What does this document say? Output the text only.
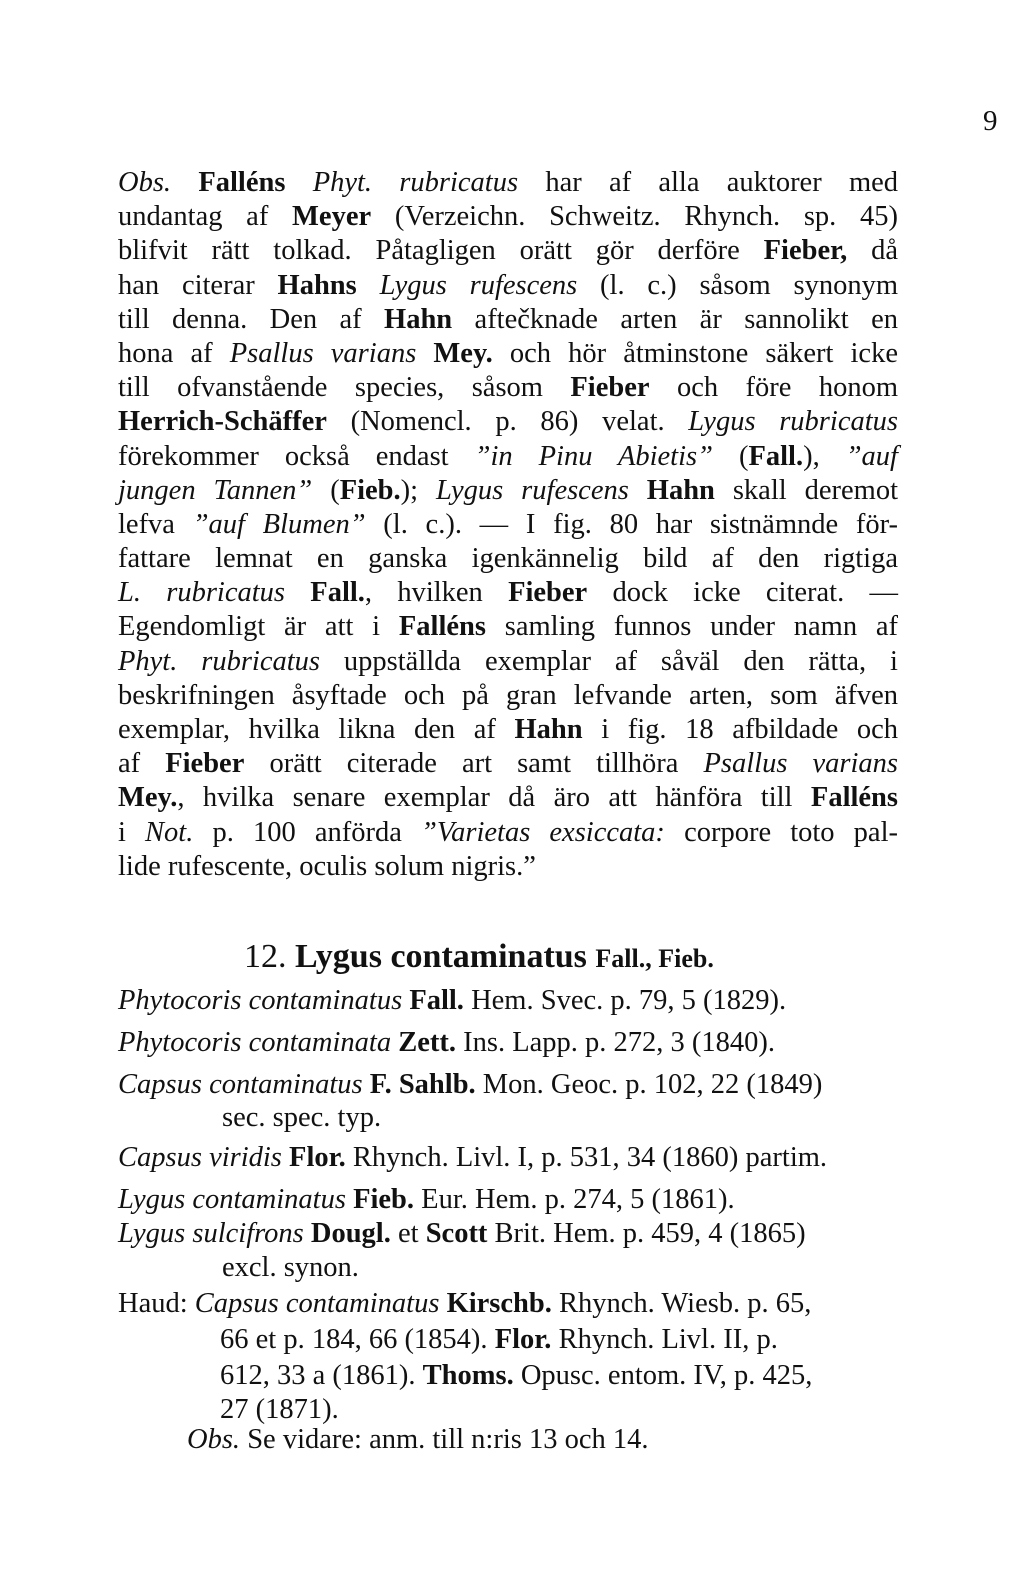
9
Obs. Falléns Phyt. rubricatus har af alla auktorer med
undantag af Meyer (Verzeichn. Schweitz. Rhynch. sp. 45)
blifvit rätt tolkad. Påtagligen orätt gör derföre Fieber, då
han citerar Hahns Lygus rufescens (l. c.) såsom synonym
till denna. Den af Hahn aftečknade arten är sannolikt en
hona af Psallus varians Mey. och hör åtminstone säkert icke
till ofvanstående species, såsom Fieber och före honom
Herrich-Schäffer (Nomencl. p. 86) velat. Lygus rubricatus
förekommer också endast ”in Pinu Abietis” (Fall.), ”auf
jungen Tannen” (Fieb.); Lygus rufescens Hahn skall deremot
lefva ”auf Blumen” (l. c.). — I fig. 80 har sistnämnde för-
fattare lemnat en ganska igenkännelig bild af den rigtiga
L. rubricatus Fall., hvilken Fieber dock icke citerat. —
Egendomligt är att i Falléns samling funnos under namn af
Phyt. rubricatus uppställda exemplar af såväl den rätta, i
beskrifningen åsyftade och på gran lefvande arten, som äfven
exemplar, hvilka likna den af Hahn i fig. 18 afbildade och
af Fieber orätt citerade art samt tillhöra Psallus varians
Mey., hvilka senare exemplar då äro att hänföra till Falléns
i Not. p. 100 anförda ”Varietas exsiccata: corpore toto pal-
lide rufescente, oculis solum nigris.”
12. Lygus contaminatus Fall., Fieb.
Phytocoris contaminatus Fall. Hem. Svec. p. 79, 5 (1829).
Phytocoris contaminata Zett. Ins. Lapp. p. 272, 3 (1840).
Capsus contaminatus F. Sahlb. Mon. Geoc. p. 102, 22 (1849)
sec. spec. typ.
Capsus viridis Flor. Rhynch. Livl. I, p. 531, 34 (1860) partim.
Lygus contaminatus Fieb. Eur. Hem. p. 274, 5 (1861).
Lygus sulcifrons Dougl. et Scott Brit. Hem. p. 459, 4 (1865)
excl. synon.
Haud: Capsus contaminatus Kirschb. Rhynch. Wiesb. p. 65,
66 et p. 184, 66 (1854). Flor. Rhynch. Livl. II, p.
612, 33 a (1861). Thoms. Opusc. entom. IV, p. 425,
27 (1871).
Obs. Se vidare: anm. till n:ris 13 och 14.
